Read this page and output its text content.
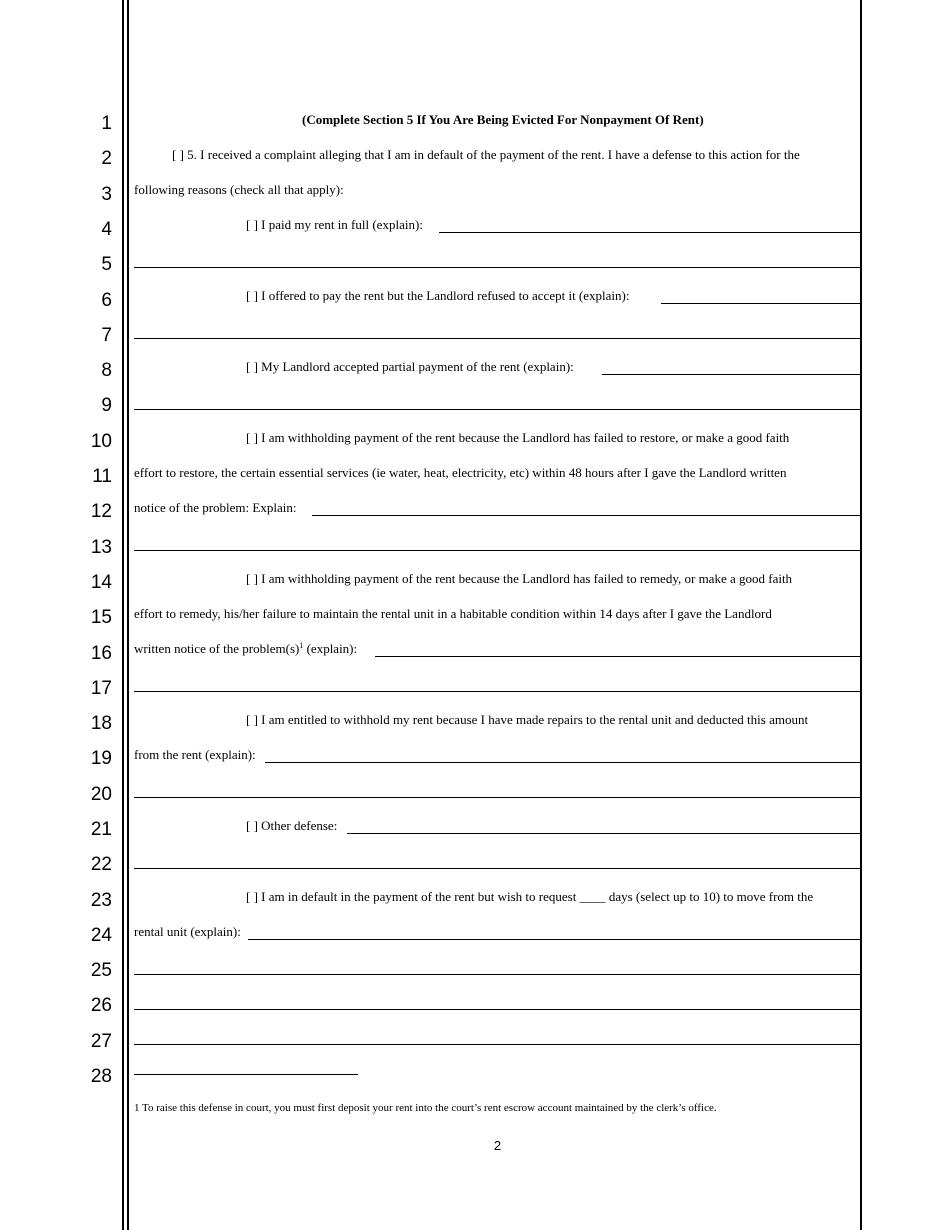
1
2
3
4
5
6
7
8
9
10
11
12
13
14
15
16
17
18
19
20
21
22
23
24
25
26
27
28
(Complete Section 5 If You Are Being Evicted For Nonpayment Of Rent)
[ ] 5. I received a complaint alleging that I am in default of the payment of the rent. I have a defense to this action for the
following reasons (check all that apply):
[ ] I paid my rent in full (explain):
[ ] I offered to pay the rent but the Landlord refused to accept it (explain):
[ ] My Landlord accepted partial payment of the rent (explain):
[ ] I am withholding payment of the rent because the Landlord has failed to restore, or make a good faith
effort to restore, the certain essential services (ie water, heat, electricity, etc) within 48 hours after I gave the Landlord written
notice of the problem: Explain:
[ ] I am withholding payment of the rent because the Landlord has failed to remedy, or make a good faith
effort to remedy, his/her failure to maintain the rental unit in a habitable condition within 14 days after I gave the Landlord
written notice of the $problem(s)^1$ (explain):
[ ] I am entitled to withhold my rent because I have made repairs to the rental unit and deducted this amount
from the rent (explain):
[ ] Other defense:
[ ] I am in default in the payment of the rent but wish to request ____ days (select up to 10) to move from the
rental unit (explain):
1 To raise this defense in court, you must first deposit your rent into the court’s rent escrow account maintained by the clerk’s office.
2
